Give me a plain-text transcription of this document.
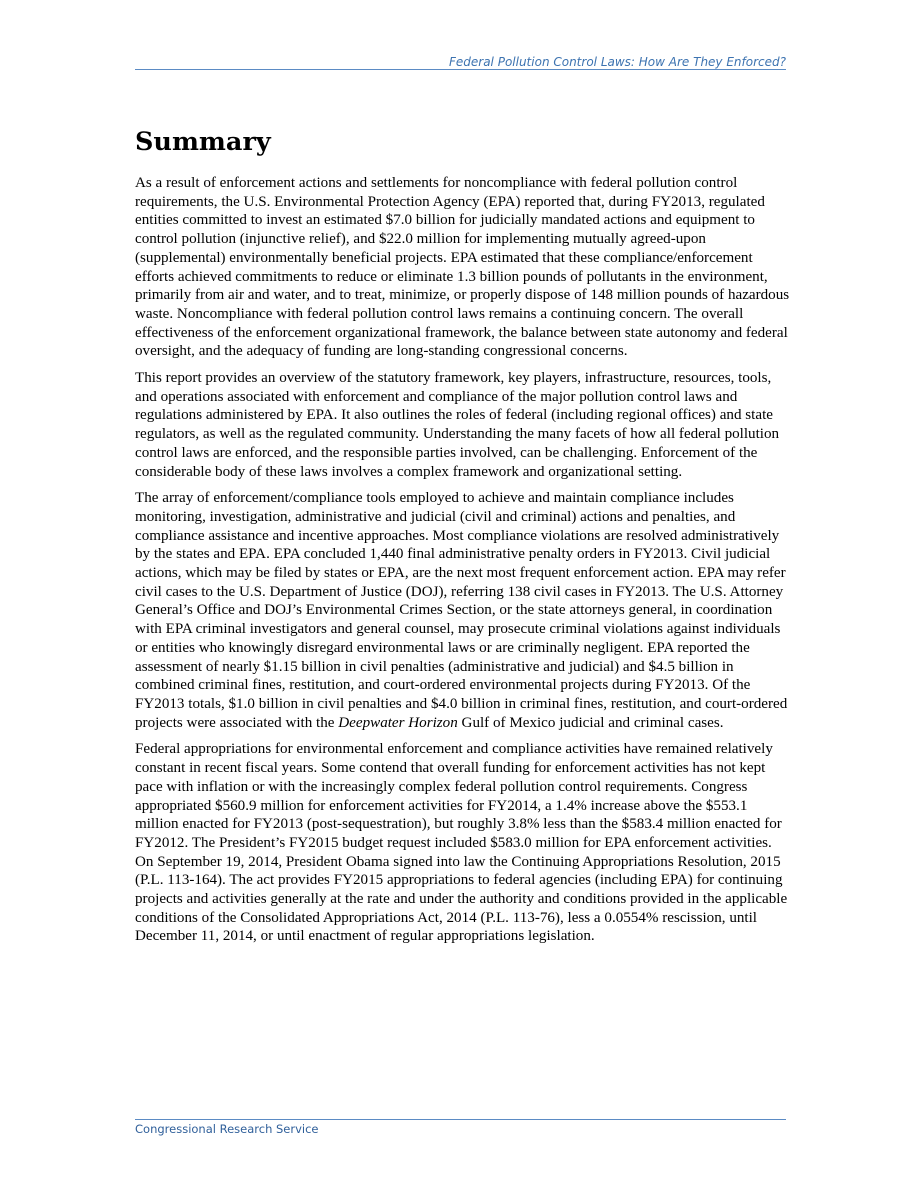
Federal Pollution Control Laws: How Are They Enforced?
Summary

As a result of enforcement actions and settlements for noncompliance with federal pollution control requirements, the U.S. Environmental Protection Agency (EPA) reported that, during FY2013, regulated entities committed to invest an estimated $7.0 billion for judicially mandated actions and equipment to control pollution (injunctive relief), and $22.0 million for implementing mutually agreed-upon (supplemental) environmentally beneficial projects. EPA estimated that these compliance/enforcement efforts achieved commitments to reduce or eliminate 1.3 billion pounds of pollutants in the environment, primarily from air and water, and to treat, minimize, or properly dispose of 148 million pounds of hazardous waste. Noncompliance with federal pollution control laws remains a continuing concern. The overall effectiveness of the enforcement organizational framework, the balance between state autonomy and federal oversight, and the adequacy of funding are long-standing congressional concerns.

This report provides an overview of the statutory framework, key players, infrastructure, resources, tools, and operations associated with enforcement and compliance of the major pollution control laws and regulations administered by EPA. It also outlines the roles of federal (including regional offices) and state regulators, as well as the regulated community. Understanding the many facets of how all federal pollution control laws are enforced, and the responsible parties involved, can be challenging. Enforcement of the considerable body of these laws involves a complex framework and organizational setting.

The array of enforcement/compliance tools employed to achieve and maintain compliance includes monitoring, investigation, administrative and judicial (civil and criminal) actions and penalties, and compliance assistance and incentive approaches. Most compliance violations are resolved administratively by the states and EPA. EPA concluded 1,440 final administrative penalty orders in FY2013. Civil judicial actions, which may be filed by states or EPA, are the next most frequent enforcement action. EPA may refer civil cases to the U.S. Department of Justice (DOJ), referring 138 civil cases in FY2013. The U.S. Attorney General’s Office and DOJ’s Environmental Crimes Section, or the state attorneys general, in coordination with EPA criminal investigators and general counsel, may prosecute criminal violations against individuals or entities who knowingly disregard environmental laws or are criminally negligent. EPA reported the assessment of nearly $1.15 billion in civil penalties (administrative and judicial) and $4.5 billion in combined criminal fines, restitution, and court-ordered environmental projects during FY2013. Of the FY2013 totals, $1.0 billion in civil penalties and $4.0 billion in criminal fines, restitution, and court-ordered projects were associated with the Deepwater Horizon Gulf of Mexico judicial and criminal cases.

Federal appropriations for environmental enforcement and compliance activities have remained relatively constant in recent fiscal years. Some contend that overall funding for enforcement activities has not kept pace with inflation or with the increasingly complex federal pollution control requirements. Congress appropriated $560.9 million for enforcement activities for FY2014, a 1.4% increase above the $553.1 million enacted for FY2013 (post-sequestration), but roughly 3.8% less than the $583.4 million enacted for FY2012. The President’s FY2015 budget request included $583.0 million for EPA enforcement activities. On September 19, 2014, President Obama signed into law the Continuing Appropriations Resolution, 2015 (P.L. 113-164). The act provides FY2015 appropriations to federal agencies (including EPA) for continuing projects and activities generally at the rate and under the authority and conditions provided in the applicable conditions of the Consolidated Appropriations Act, 2014 (P.L. 113-76), less a 0.0554% rescission, until December 11, 2014, or until enactment of regular appropriations legislation.

Congressional Research Service
